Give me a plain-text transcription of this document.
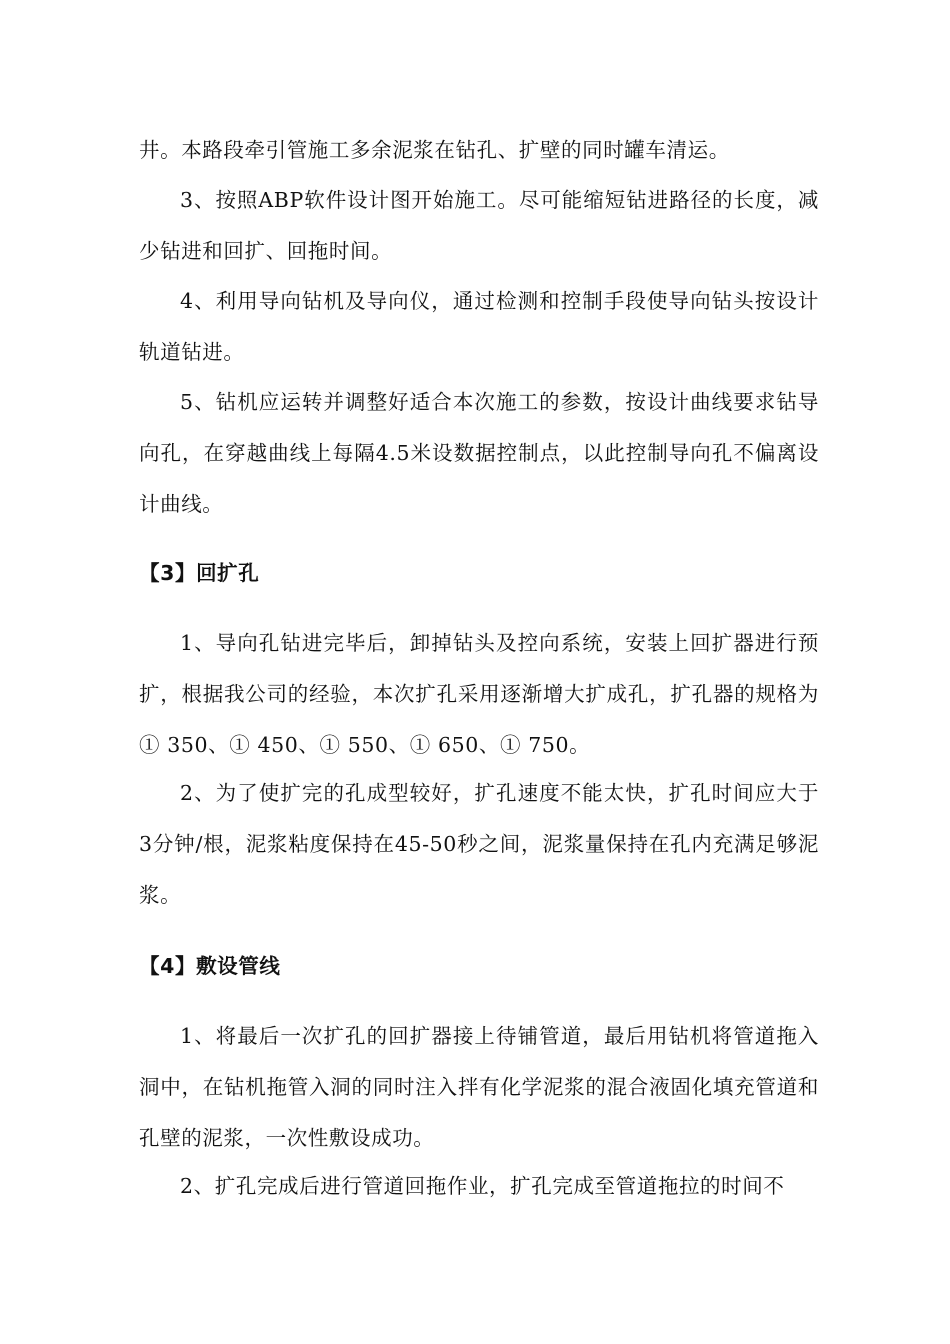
井。本路段牵引管施工多余泥浆在钻孔、扩壁的同时罐车清运。

3、按照ABP软件设计图开始施工。尽可能缩短钻进路径的长度，减少钻进和回扩、回拖时间。

4、利用导向钻机及导向仪，通过检测和控制手段使导向钻头按设计轨道钻进。

5、钻机应运转并调整好适合本次施工的参数，按设计曲线要求钻导向孔，在穿越曲线上每隔4.5米设数据控制点，以此控制导向孔不偏离设计曲线。

【3】回扩孔

1、导向孔钻进完毕后，卸掉钻头及控向系统，安装上回扩器进行预扩，根据我公司的经验，本次扩孔采用逐渐增大扩成孔，扩孔器的规格为① 350、① 450、① 550、① 650、① 750。

2、为了使扩完的孔成型较好，扩孔速度不能太快，扩孔时间应大于3分钟/根，泥浆粘度保持在45-50秒之间，泥浆量保持在孔内充满足够泥浆。

【4】敷设管线

1、将最后一次扩孔的回扩器接上待铺管道，最后用钻机将管道拖入洞中，在钻机拖管入洞的同时注入拌有化学泥浆的混合液固化填充管道和孔壁的泥浆，一次性敷设成功。

2、扩孔完成后进行管道回拖作业，扩孔完成至管道拖拉的时间不
